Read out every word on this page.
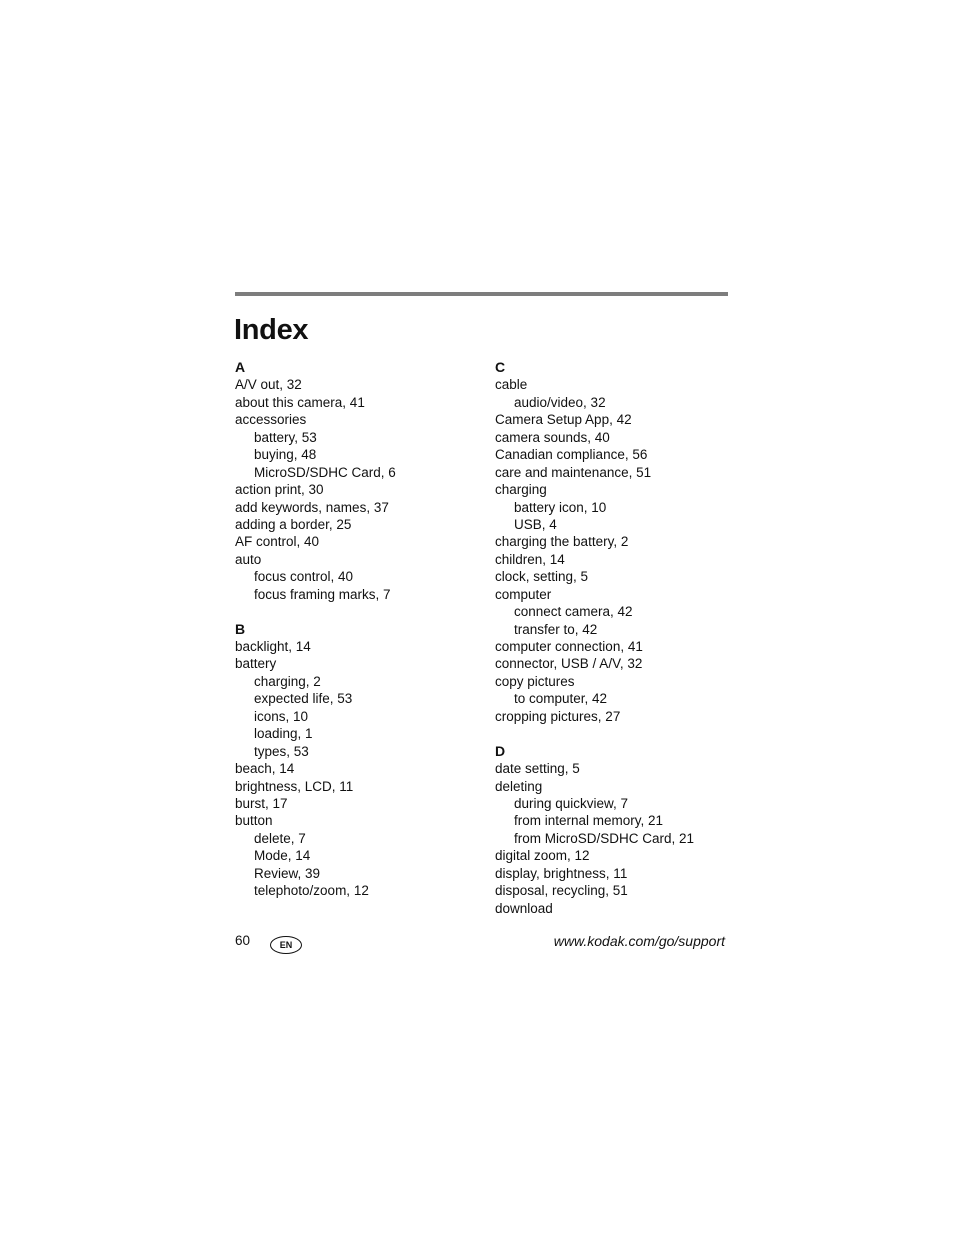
Index
A
A/V out, 32
about this camera, 41
accessories
battery, 53
buying, 48
MicroSD/SDHC Card, 6
action print, 30
add keywords, names, 37
adding a border, 25
AF control, 40
auto
focus control, 40
focus framing marks, 7
B
backlight, 14
battery
charging, 2
expected life, 53
icons, 10
loading, 1
types, 53
beach, 14
brightness, LCD, 11
burst, 17
button
delete, 7
Mode, 14
Review, 39
telephoto/zoom, 12
C
cable
audio/video, 32
Camera Setup App, 42
camera sounds, 40
Canadian compliance, 56
care and maintenance, 51
charging
battery icon, 10
USB, 4
charging the battery, 2
children, 14
clock, setting, 5
computer
connect camera, 42
transfer to, 42
computer connection, 41
connector, USB / A/V, 32
copy pictures
to computer, 42
cropping pictures, 27
D
date setting, 5
deleting
during quickview, 7
from internal memory, 21
from MicroSD/SDHC Card, 21
digital zoom, 12
display, brightness, 11
disposal, recycling, 51
download
60	EN	www.kodak.com/go/support
